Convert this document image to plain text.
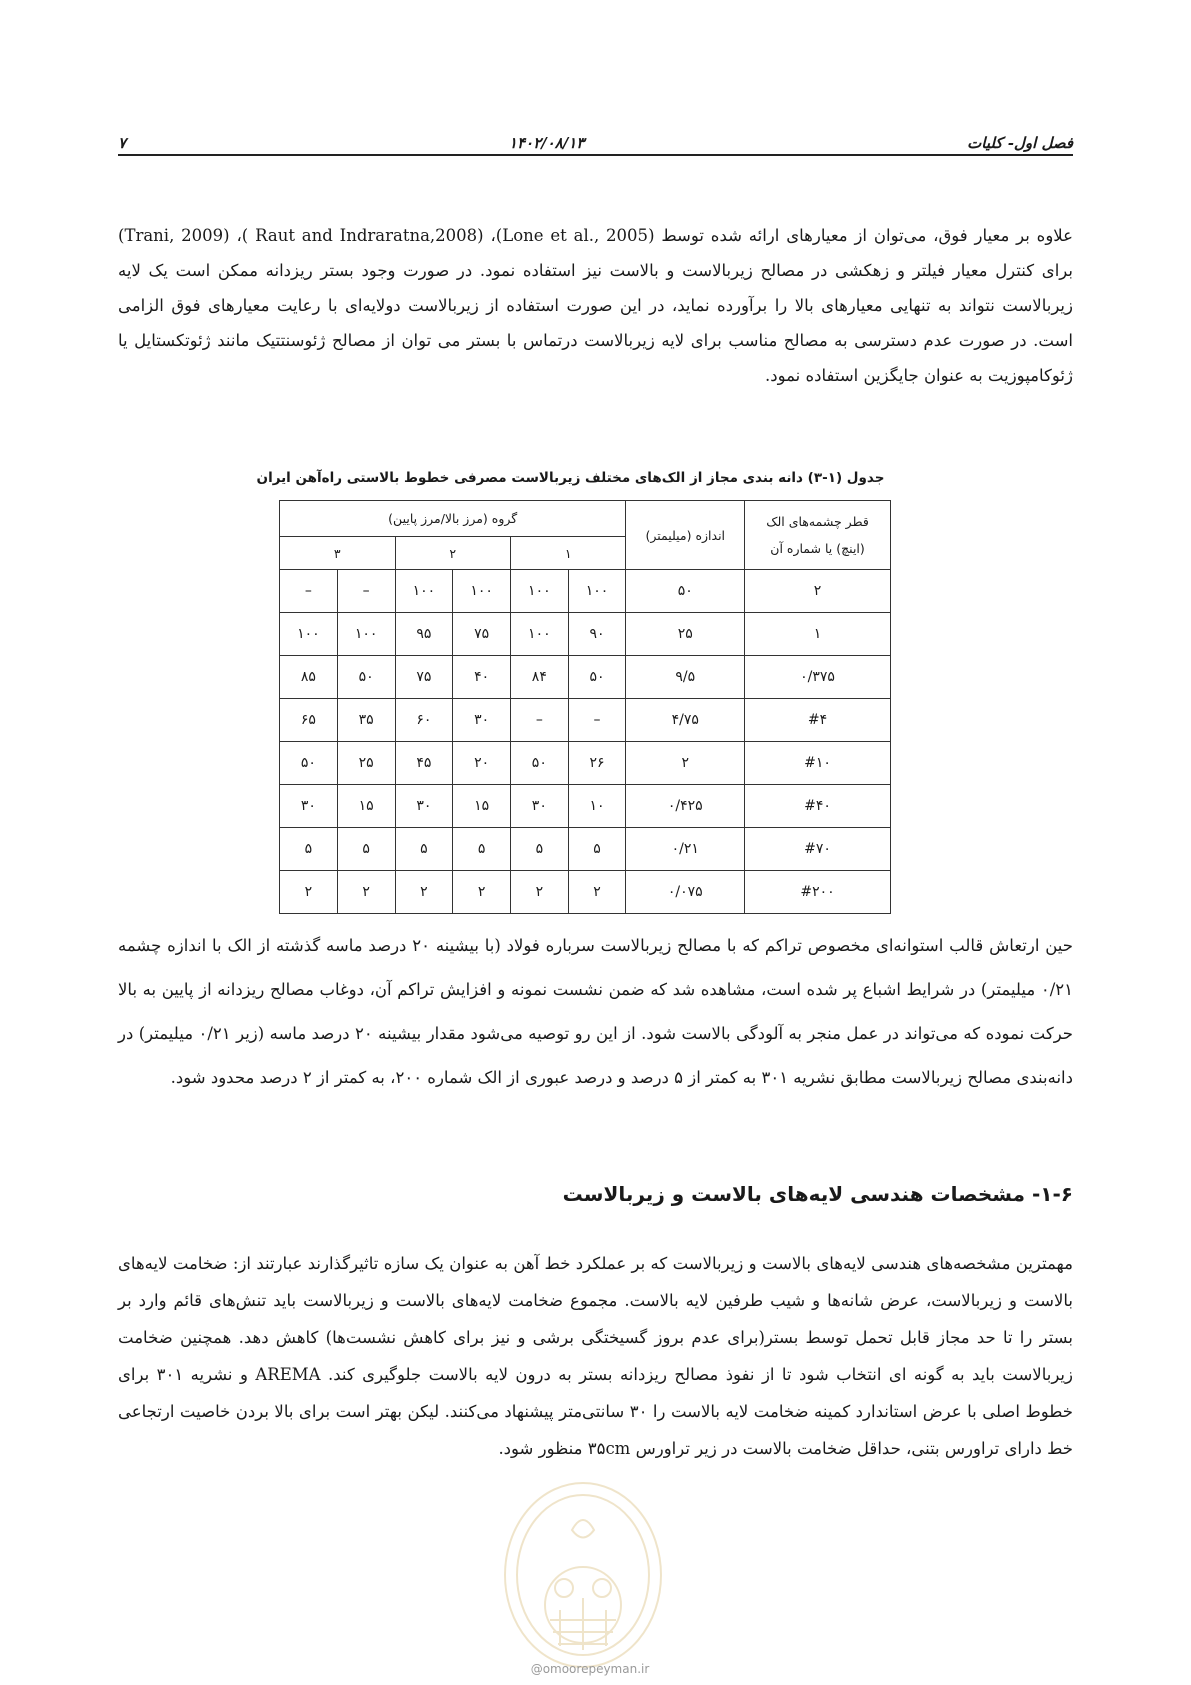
فصل اول- کلیات
۱۴۰۲/۰۸/۱۳
۷

علاوه بر معیار فوق، می‌توان از معیارهای ارائه شده توسط (Lone et al., 2005)، (Raut and Indraratna,2008 )، (Trani, 2009) برای کنترل معیار فیلتر و زهکشی در مصالح زیربالاست و بالاست نیز استفاده نمود. در صورت وجود بستر ریزدانه ممکن است یک لایه زیربالاست نتواند به تنهایی معیارهای بالا را برآورده نماید، در این صورت استفاده از زیربالاست دولایه‌ای با رعایت معیارهای فوق الزامی است. در صورت عدم دسترسی به مصالح مناسب برای لایه زیربالاست درتماس با بستر می توان از مصالح ژئوسنتتیک مانند ژئوتکستایل یا ژئوکامپوزیت به عنوان جایگزین استفاده نمود.

جدول (۱-۳) دانه بندی مجاز از الک‌های مختلف زیربالاست مصرفی خطوط بالاستی راه‌آهن ایران
قطر چشمه‌های الک
(اینچ) یا شماره آن	اندازه (میلیمتر)	گروه (مرز بالا/مرز پایین)					
		۱		۲		۳	
۲	۵۰	۱۰۰	۱۰۰	۱۰۰	۱۰۰	–	–
۱	۲۵	۹۰	۱۰۰	۷۵	۹۵	۱۰۰	۱۰۰
۰/۳۷۵	۹/۵	۵۰	۸۴	۴۰	۷۵	۵۰	۸۵
#۴	۴/۷۵	–	–	۳۰	۶۰	۳۵	۶۵
#۱۰	۲	۲۶	۵۰	۲۰	۴۵	۲۵	۵۰
#۴۰	۰/۴۲۵	۱۰	۳۰	۱۵	۳۰	۱۵	۳۰
#۷۰	۰/۲۱	۵	۵	۵	۵	۵	۵
#۲۰۰	۰/۰۷۵	۲	۲	۲	۲	۲	۲

حین ارتعاش قالب استوانه‌ای مخصوص تراکم که با مصالح زیربالاست سرباره فولاد (با بیشینه ۲۰ درصد ماسه گذشته از الک با اندازه چشمه ۰/۲۱ میلیمتر) در شرایط اشباع پر شده است، مشاهده شد که ضمن نشست نمونه و افزایش تراکم آن، دوغاب مصالح ریزدانه از پایین به بالا حرکت نموده که می‌تواند در عمل منجر به آلودگی بالاست شود. از این رو توصیه می‌شود مقدار بیشینه ۲۰ درصد ماسه (زیر ۰/۲۱ میلیمتر) در دانه‌بندی مصالح زیربالاست مطابق نشریه ۳۰۱ به کمتر از ۵ درصد و درصد عبوری از الک شماره ۲۰۰، به کمتر از ۲ درصد محدود شود.

۱-۶- مشخصات هندسی لایه‌های بالاست و زیربالاست

مهمترین مشخصه‌های هندسی لایه‌های بالاست و زیربالاست که بر عملکرد خط آهن به عنوان یک سازه تاثیرگذارند عبارتند از: ضخامت لایه‌های بالاست و زیربالاست، عرض شانه‌ها و شیب طرفین لایه بالاست. مجموع ضخامت لایه‌های بالاست و زیربالاست باید تنش‌های قائم وارد بر بستر را تا حد مجاز قابل تحمل توسط بستر(برای عدم بروز گسیختگی برشی و نیز برای کاهش نشست‌ها) کاهش دهد. همچنین ضخامت زیربالاست باید به گونه ای انتخاب شود تا از نفوذ مصالح ریزدانه بستر به درون لایه بالاست جلوگیری کند. AREMA و نشریه ۳۰۱ برای خطوط اصلی با عرض استاندارد کمینه ضخامت لایه بالاست را ۳۰ سانتی‌متر پیشنهاد می‌کنند. لیکن بهتر است برای بالا بردن خاصیت ارتجاعی خط دارای تراورس بتنی، حداقل ضخامت بالاست در زیر تراورس ۳۵cm منظور شود.

@omoorepeyman.ir
